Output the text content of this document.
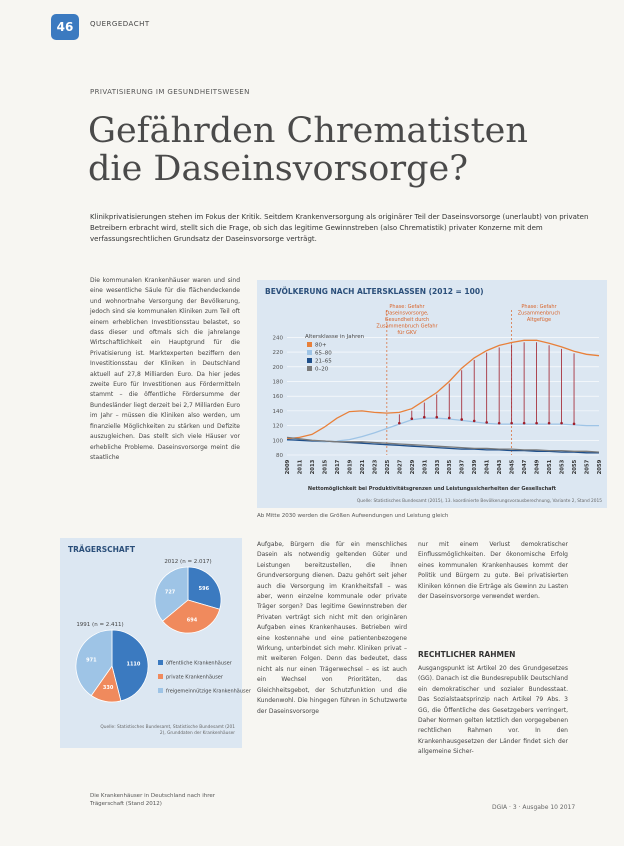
46	QUERGEDACHT
PRIVATISIERUNG IM GESUNDHEITSWESEN
Gefährden Chrematisten
die Daseinsvorsorge?
Klinikprivatisierungen stehen im Fokus der Kritik. Seitdem Krankenversorgung als originärer Teil der Daseinsvorsorge (unerlaubt) von privaten Betreibern erbracht wird, stellt sich die Frage, ob sich das legitime Gewinnstreben (also Chrematistik) privater Konzerne mit dem verfassungsrechtlichen Grundsatz der Daseinsvorsorge verträgt.
Die kommunalen Krankenhäuser waren und sind eine wesentliche Säule für die flächendeckende und wohnortnahe Versorgung der Bevölkerung, jedoch sind sie kommunalen Kliniken zum Teil oft einem erheblichen Investitionsstau belastet, so dass dieser und oftmals sich die jahrelange Wirtschaftlichkeit ein Hauptgrund für die Privatisierung ist. Marktexperten beziffern den Investitionsstau der Kliniken in Deutschland aktuell auf 27,8 Milliarden Euro. Da hier jedes zweite Euro für Investitionen aus Fördermitteln stammt – die öffentliche Fördersumme der Bundesländer liegt derzeit bei 2,7 Milliarden Euro im Jahr – müssen die Kliniken also werden, um finanzielle Möglichkeiten zu stärken und Defizite auszugleichen. Das stellt sich viele Häuser vor erhebliche Probleme. Daseinsvorsorge meint die staatliche
BEVÖLKERUNG NACH ALTERSKLASSEN (2012 = 100)
80
100
120
140
160
180
200
220
240	Altersklasse in Jahren
80+
65–80
21–65
0–20
Phase: Gefahr
Daseinsvorsorge,
Gesundheit durch
Zusammenbruch Gefahr
für GKV
Phase: Gefahr
Zusammenbruch
Altgefüge
2009 2011 2013 2015 2017 2019 2021 2023 2025 2027 2029 2031 2033 2035 2037 2039 2041 2043 2045 2047 2049 2051 2053 2055 2057 2059
Nettomöglichkeit bei Produktivitätsgrenzen und Leistungssicherheiten der Gesellschaft
Quelle: Statistisches Bundesamt (2015), 13. koordinierte Bevölkerungsvorausberechnung, Variante 2, Stand 2015
Ab Mitte 2030 werden die Größen Aufwendungen und Leistung gleich
TRÄGERSCHAFT
2012 (n = 2.017)
596
694
727
1991 (n = 2.411)
1110
330
971	öffentliche Krankenhäuser
private Krankenhäuser
freigemeinnützige Krankenhäuser
Quelle: Statistisches Bundesamt, Statistische Bundesamt (201
2), Grunddaten der Krankenhäuser
Die Krankenhäuser in Deutschland nach ihrer Trägerschaft (Stand 2012)
Aufgabe, Bürgern die für ein menschliches Dasein als notwendig geltenden Güter und Leistungen bereitzustellen, die ihnen Grundversorgung dienen. Dazu gehört seit jeher auch die Versorgung im Krankheitsfall – was aber, wenn einzelne kommunale oder private Träger sorgen? Das legitime Gewinnstreben der Privaten verträgt sich nicht mit den originären Aufgaben eines Krankenhauses. Betrieben wird eine kostennahe und eine patientenbezogene Wirkung, unterbindet sich mehr. Kliniken privat – mit weiteren Folgen. Denn das bedeutet, dass nicht als nur einen Trägerwechsel – es ist auch ein Wechsel von Prioritäten, das Gleichheitsgebot, der Schutzfunktion und die Kundenwohl. Die hingegen führen in Schutzwerte der Daseinsvorsorge
nur mit einem Verlust demokratischer Einflussmöglichkeiten. Der ökonomische Erfolg eines kommunalen Krankenhauses kommt der Politik und Bürgern zu gute. Bei privatisierten Kliniken können die Erträge als Gewinn zu Lasten der Daseinsvorsorge verwendet werden.
RECHTLICHER RAHMEN
Ausgangspunkt ist Artikel 20 des Grundgesetzes (GG). Danach ist die Bundesrepublik Deutschland ein demokratischer und sozialer Bundesstaat. Das Sozialstaatsprinzip nach Artikel 79 Abs. 3 GG, die Öffentliche des Gesetzgebers verringert, Daher Normen gelten letztlich den vorgegebenen rechtlichen Rahmen vor. In den Krankenhausgesetzen der Länder findet sich der allgemeine Sicher-
DGIA · 3 · Ausgabe 10 2017
